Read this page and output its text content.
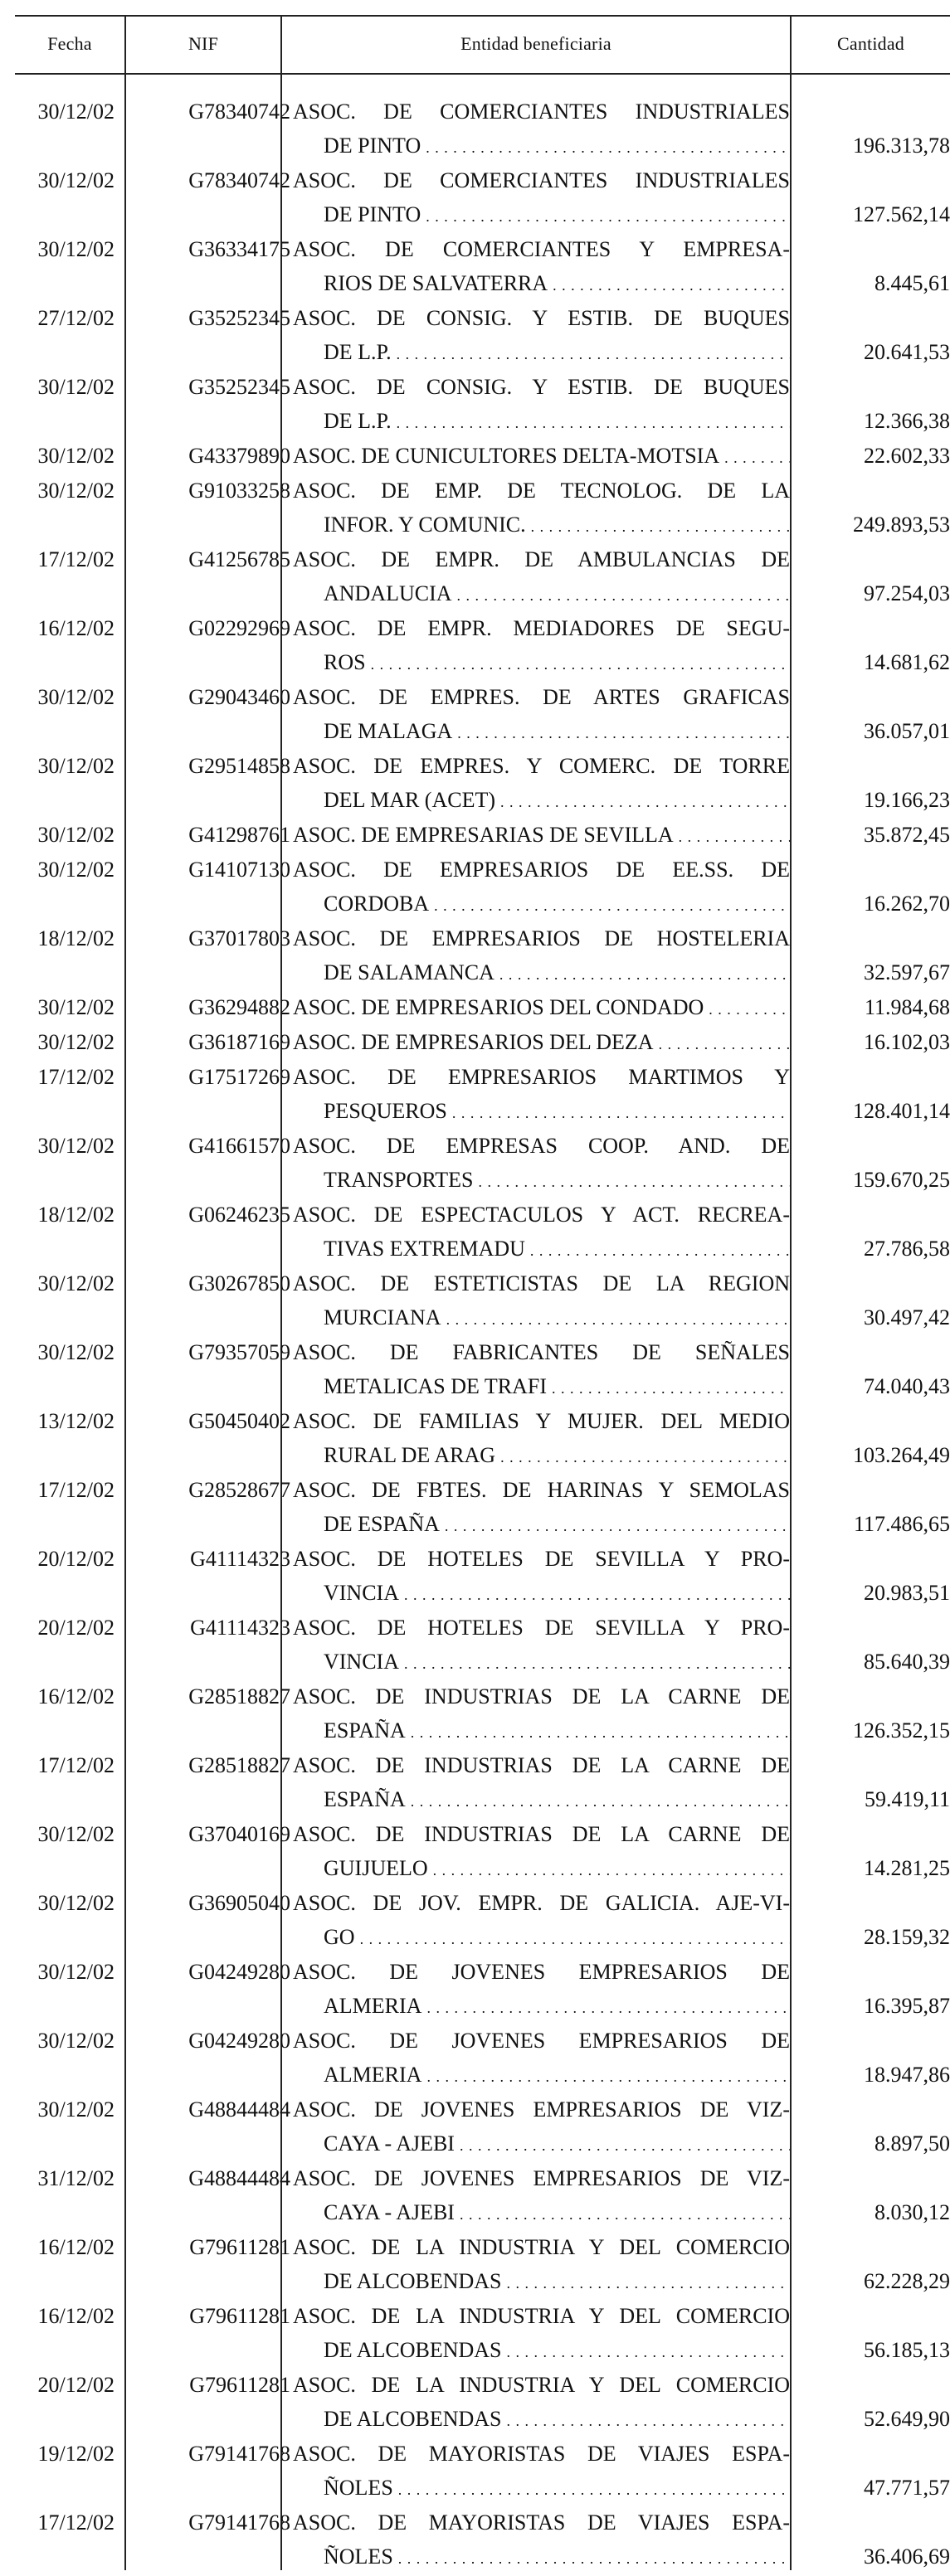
Fecha	NIF	Entidad beneficiaria	Cantidad
30/12/02	G78340742 ASOC. DE COMERCIANTES INDUSTRIALES
DE PINTO . . .	196.313,78
30/12/02	G78340742 ASOC. DE COMERCIANTES INDUSTRIALES
DE PINTO . . .	127.562,14
30/12/02	G36334175 ASOC. DE COMERCIANTES Y EMPRESA-
RIOS DE SALVATERRA . . .	8.445,61
27/12/02	G35252345 ASOC. DE CONSIG. Y ESTIB. DE BUQUES
DE L.P. . . .	20.641,53
30/12/02	G35252345 ASOC. DE CONSIG. Y ESTIB. DE BUQUES
DE L.P. . . .	12.366,38
30/12/02	G43379890 ASOC. DE CUNICULTORES DELTA-MOTSIA . . .	22.602,33
30/12/02	G91033258 ASOC. DE EMP. DE TECNOLOG. DE LA
INFOR. Y COMUNIC. . . .	249.893,53
17/12/02	G41256785 ASOC. DE EMPR. DE AMBULANCIAS DE
ANDALUCIA . . .	97.254,03
16/12/02	G02292969 ASOC. DE EMPR. MEDIADORES DE SEGU-
ROS . . .	14.681,62
30/12/02	G29043460 ASOC. DE EMPRES. DE ARTES GRAFICAS
DE MALAGA . . .	36.057,01
30/12/02	G29514858 ASOC. DE EMPRES. Y COMERC. DE TORRE
DEL MAR (ACET) . . .	19.166,23
30/12/02	G41298761 ASOC. DE EMPRESARIAS DE SEVILLA . . .	35.872,45
30/12/02	G14107130 ASOC. DE EMPRESARIOS DE EE.SS. DE
CORDOBA . . .	16.262,70
18/12/02	G37017803 ASOC. DE EMPRESARIOS DE HOSTELERIA
DE SALAMANCA . . .	32.597,67
30/12/02	G36294882 ASOC. DE EMPRESARIOS DEL CONDADO . . .	11.984,68
30/12/02	G36187169 ASOC. DE EMPRESARIOS DEL DEZA . . .	16.102,03
17/12/02	G17517269 ASOC. DE EMPRESARIOS MARTIMOS Y
PESQUEROS . . .	128.401,14
30/12/02	G41661570 ASOC. DE EMPRESAS COOP. AND. DE
TRANSPORTES . . .	159.670,25
18/12/02	G06246235 ASOC. DE ESPECTACULOS Y ACT. RECREA-
TIVAS EXTREMADU . . .	27.786,58
30/12/02	G30267850 ASOC. DE ESTETICISTAS DE LA REGION
MURCIANA . . .	30.497,42
30/12/02	G79357059 ASOC. DE FABRICANTES DE SEÑALES
METALICAS DE TRAFI . . .	74.040,43
13/12/02	G50450402 ASOC. DE FAMILIAS Y MUJER. DEL MEDIO
RURAL DE ARAG . . .	103.264,49
17/12/02	G28528677 ASOC. DE FBTES. DE HARINAS Y SEMOLAS
DE ESPAÑA . . .	117.486,65
20/12/02	G41114323 ASOC. DE HOTELES DE SEVILLA Y PRO-
VINCIA . . .	20.983,51
20/12/02	G41114323 ASOC. DE HOTELES DE SEVILLA Y PRO-
VINCIA . . .	85.640,39
16/12/02	G28518827 ASOC. DE INDUSTRIAS DE LA CARNE DE
ESPAÑA . . .	126.352,15
17/12/02	G28518827 ASOC. DE INDUSTRIAS DE LA CARNE DE
ESPAÑA . . .	59.419,11
30/12/02	G37040169 ASOC. DE INDUSTRIAS DE LA CARNE DE
GUIJUELO . . .	14.281,25
30/12/02	G36905040 ASOC. DE JOV. EMPR. DE GALICIA. AJE-VI-
GO . . .	28.159,32
30/12/02	G04249280 ASOC. DE JOVENES EMPRESARIOS DE
ALMERIA . . .	16.395,87
30/12/02	G04249280 ASOC. DE JOVENES EMPRESARIOS DE
ALMERIA . . .	18.947,86
30/12/02	G48844484 ASOC. DE JOVENES EMPRESARIOS DE VIZ-
CAYA - AJEBI . . .	8.897,50
31/12/02	G48844484 ASOC. DE JOVENES EMPRESARIOS DE VIZ-
CAYA - AJEBI . . .	8.030,12
16/12/02	G79611281 ASOC. DE LA INDUSTRIA Y DEL COMERCIO
DE ALCOBENDAS . . .	62.228,29
16/12/02	G79611281 ASOC. DE LA INDUSTRIA Y DEL COMERCIO
DE ALCOBENDAS . . .	56.185,13
20/12/02	G79611281 ASOC. DE LA INDUSTRIA Y DEL COMERCIO
DE ALCOBENDAS . . .	52.649,90
19/12/02	G79141768 ASOC. DE MAYORISTAS DE VIAJES ESPA-
ÑOLES . . .	47.771,57
17/12/02	G79141768 ASOC. DE MAYORISTAS DE VIAJES ESPA-
ÑOLES . . .	36.406,69
